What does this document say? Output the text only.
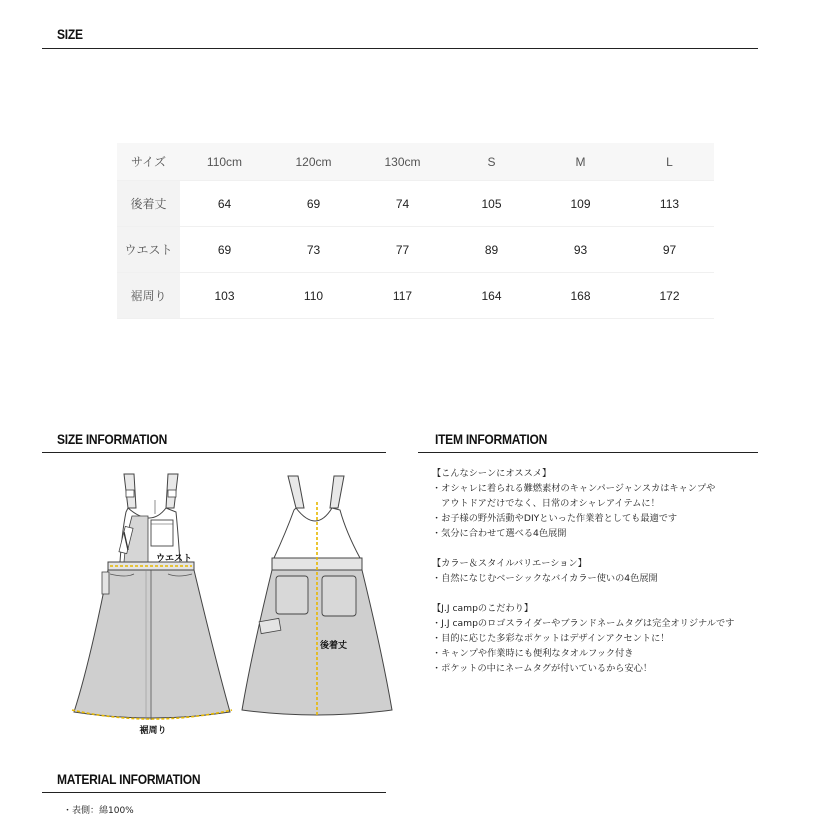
SIZE
サイズ	110cm	120cm	130cm	S	M	L
後着丈	64	69	74	105	109	113
ウエスト	69	73	77	89	93	97
裾周り	103	110	117	164	168	172
SIZE INFORMATION	ITEM INFORMATION
ウエスト
裾周り
後着丈
【こんなシーンにオススメ】
・オシャレに着られる難燃素材のキャンパージャンスカはキャンプや
　アウトドアだけでなく、日常のオシャレアイテムに！
・お子様の野外活動やDIYといった作業着としても最適です
・気分に合わせて選べる4色展開
【カラー＆スタイルバリエーション】
・自然になじむベーシックなバイカラー使いの4色展開
【J.J campのこだわり】
・J.J campのロゴスライダーやブランドネームタグは完全オリジナルです
・目的に応じた多彩なポケットはデザインアクセントに！
・キャンプや作業時にも便利なタオルフック付き
・ポケットの中にネームタグが付いているから安心！
MATERIAL INFORMATION
・表側：綿100%
